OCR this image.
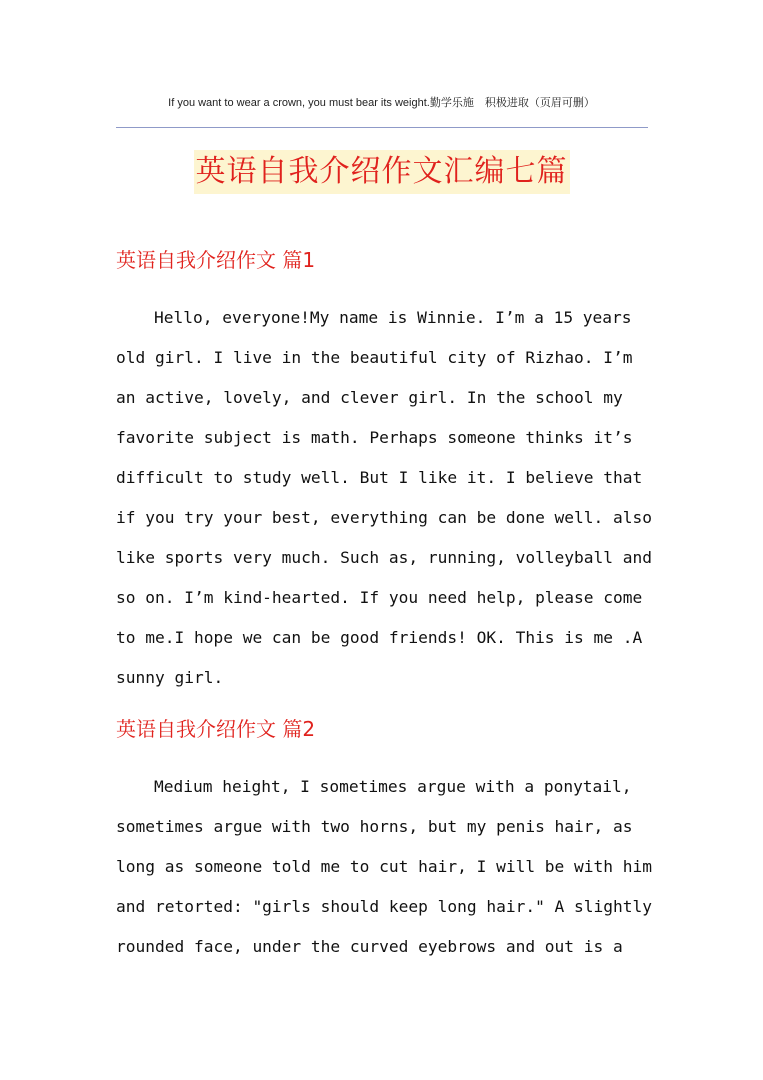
If you want to wear a crown, you must bear its weight.勤学乐施　积极进取（页眉可删）
英语自我介绍作文汇编七篇
英语自我介绍作文 篇1
Hello, everyone!My name is Winnie. I’m a 15 years
old girl. I live in the beautiful city of Rizhao. I’m
an active, lovely, and clever girl. In the school my
favorite subject is math. Perhaps someone thinks it’s
difficult to study well. But I like it. I believe that
if you try your best, everything can be done well. also
like sports very much. Such as, running, volleyball and
so on. I’m kind-hearted. If you need help, please come
to me.I hope we can be good friends! OK. This is me .A
sunny girl.
英语自我介绍作文 篇2
Medium height, I sometimes argue with a ponytail,
sometimes argue with two horns, but my penis hair, as
long as someone told me to cut hair, I will be with him
and retorted: "girls should keep long hair." A slightly
rounded face, under the curved eyebrows and out is a
